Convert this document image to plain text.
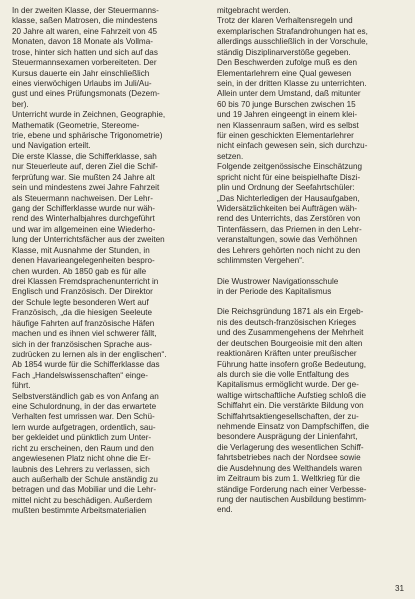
In der zweiten Klasse, der Steuermanns-
klasse, saßen Matrosen, die mindestens
20 Jahre alt waren, eine Fahrzeit von 45
Monaten, davon 18 Monate als Vollma-
trose, hinter sich hatten und sich auf das
Steuermannsexamen vorbereiteten. Der
Kursus dauerte ein Jahr einschließlich
eines vierwöchigen Urlaubs im Juli/Au-
gust und eines Prüfungsmonats (Dezem-
ber).

Unterricht wurde in Zeichnen, Geographie,
Mathematik (Geometrie, Stereome-
trie, ebene und sphärische Trigonometrie)
und Navigation erteilt.

Die erste Klasse, die Schifferklasse, sah
nur Steuerleute auf, deren Ziel die Schif-
ferprüfung war. Sie mußten 24 Jahre alt
sein und mindestens zwei Jahre Fahrzeit
als Steuermann nachweisen. Der Lehr-
gang der Schifferklasse wurde nur wäh-
rend des Winterhalbjahres durchgeführt
und war im allgemeinen eine Wiederho-
lung der Unterrichtsfächer aus der zweiten
Klasse, mit Ausnahme der Stunden, in
denen Havarieangelegenheiten bespro-
chen wurden. Ab 1850 gab es für alle
drei Klassen Fremdsprachenunterricht in
Englisch und Französisch. Der Direktor
der Schule legte besonderen Wert auf
Französisch, „da die hiesigen Seeleute
häufige Fahrten auf französische Häfen
machen und es ihnen viel schwerer fällt,
sich in der französischen Sprache aus-
zudrücken zu lernen als in der englischen“.
Ab 1854 wurde für die Schifferklasse das
Fach „Handelswissenschaften“ einge-
führt.

Selbstverständlich gab es von Anfang an
eine Schulordnung, in der das erwartete
Verhalten fest umrissen war. Den Schü-
lern wurde aufgetragen, ordentlich, sau-
ber gekleidet und pünktlich zum Unter-
richt zu erscheinen, den Raum und den
angewiesenen Platz nicht ohne die Er-
laubnis des Lehrers zu verlassen, sich
auch außerhalb der Schule anständig zu
betragen und das Mobiliar und die Lehr-
mittel nicht zu beschädigen. Außerdem
mußten bestimmte Arbeitsmaterialien

mitgebracht werden.
Trotz der klaren Verhaltensregeln und
exemplarischen Strafandrohungen hat es,
allerdings ausschließlich in der Vorschule,
ständig Disziplinarverstöße gegeben.
Den Beschwerden zufolge muß es den
Elementarlehrern eine Qual gewesen
sein, in der dritten Klasse zu unterrichten.
Allein unter dem Umstand, daß mitunter
60 bis 70 junge Burschen zwischen 15
und 19 Jahren eingeengt in einem klei-
nen Klassenraum saßen, wird es selbst
für einen geschickten Elementarlehrer
nicht einfach gewesen sein, sich durchzu-
setzen.

Folgende zeitgenössische Einschätzung
spricht nicht für eine beispielhafte Diszi-
plin und Ordnung der Seefahrtschüler:
„Das Nichterledigen der Hausaufgaben,
Widersätzlichkeiten bei Aufträgen wäh-
rend des Unterrichts, das Zerstören von
Tintenfässern, das Priemen in den Lehr-
veranstaltungen, sowie das Verhöhnen
des Lehrers gehörten noch nicht zu den
schlimmsten Vergehen“.

Die Wustrower Navigationsschule
in der Periode des Kapitalismus

Die Reichsgründung 1871 als ein Ergeb-
nis des deutsch-französischen Krieges
und des Zusammengehens der Mehrheit
der deutschen Bourgeoisie mit den alten
reaktionären Kräften unter preußischer
Führung hatte insofern große Bedeutung,
als durch sie die volle Entfaltung des
Kapitalismus ermöglicht wurde. Der ge-
waltige wirtschaftliche Aufstieg schloß die
Schiffahrt ein. Die verstärkte Bildung von
Schiffahrtsaktiengesellschaften, der zu-
nehmende Einsatz von Dampfschiffen, die
besondere Ausprägung der Linienfahrt,
die Verlagerung des wesentlichen Schiff-
fahrtsbetriebes nach der Nordsee sowie
die Ausdehnung des Welthandels waren
im Zeitraum bis zum 1. Weltkrieg für die
ständige Forderung nach einer Verbesse-
rung der nautischen Ausbildung bestimm-
end.

31
